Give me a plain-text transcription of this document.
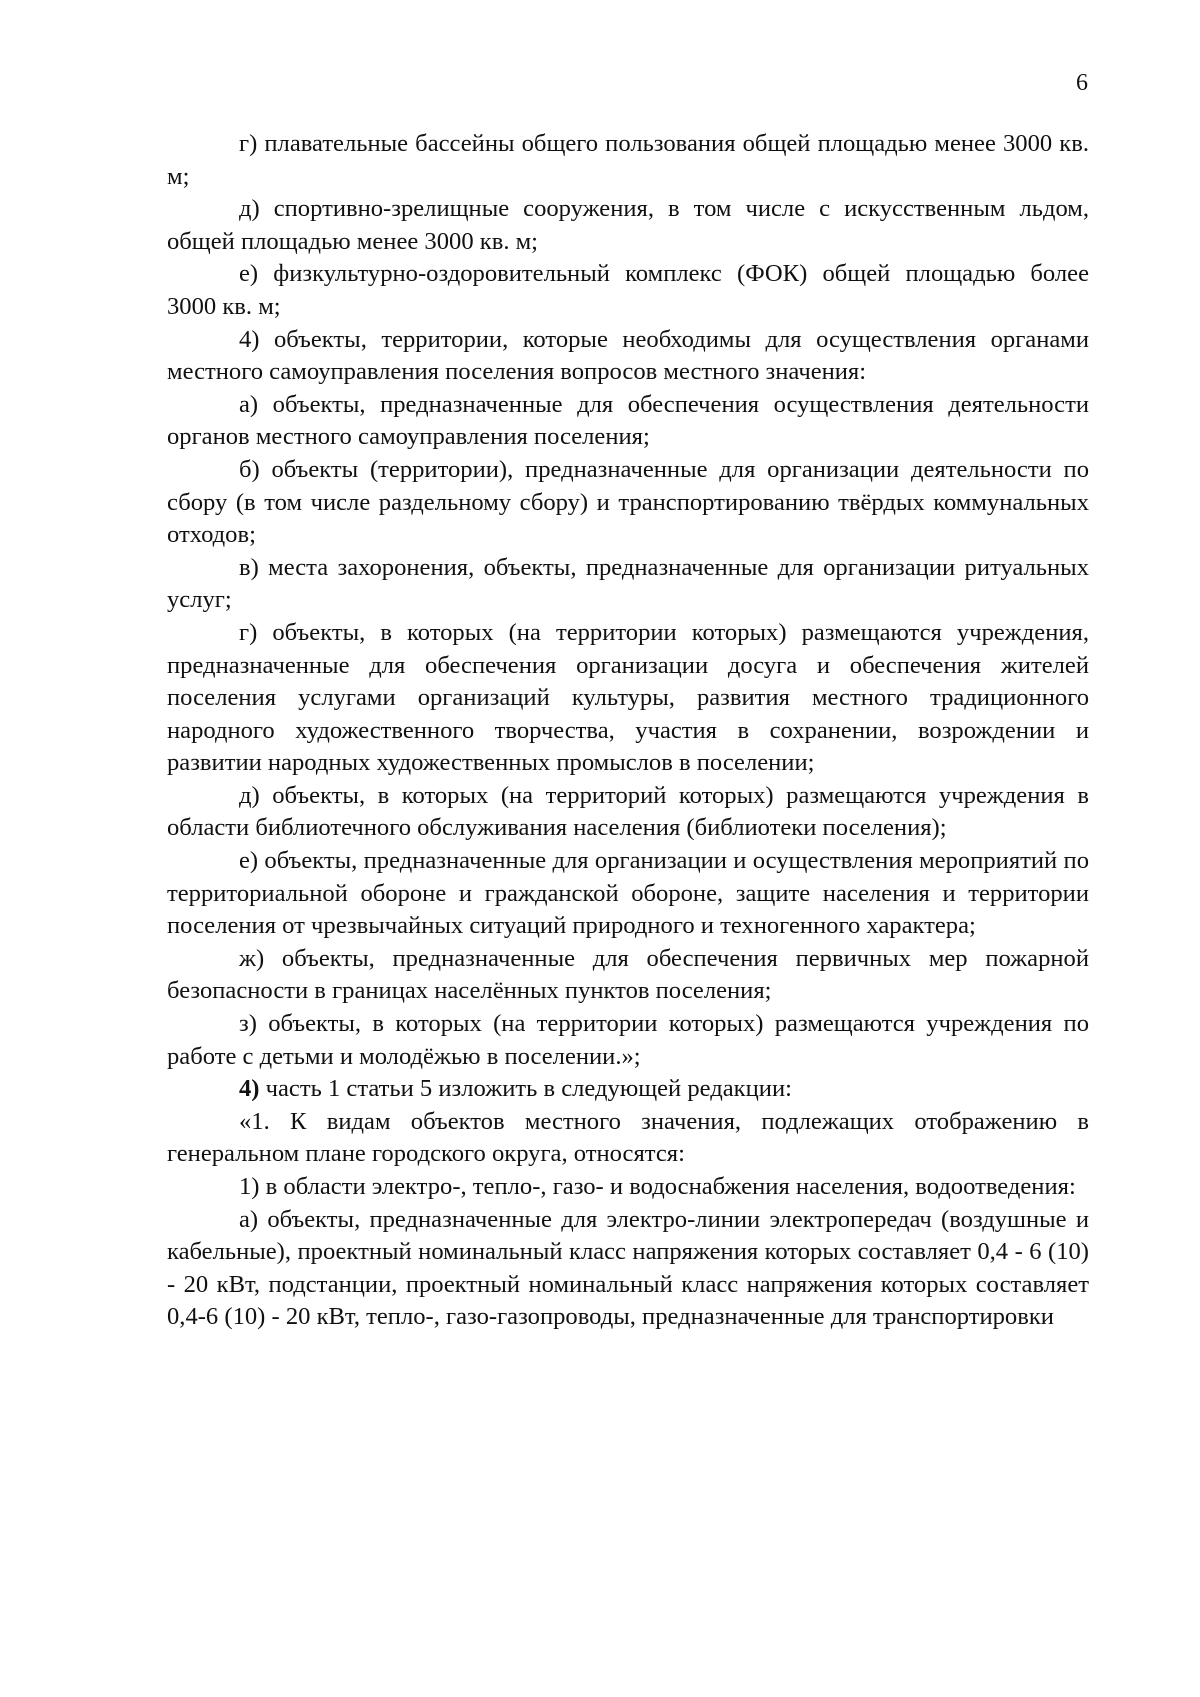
6

г) плавательные бассейны общего пользования общей площадью менее 3000 кв. м;

д) спортивно-зрелищные сооружения, в том числе с искусственным льдом, общей площадью менее 3000 кв. м;

е) физкультурно-оздоровительный комплекс (ФОК) общей площадью более 3000 кв. м;

4) объекты, территории, которые необходимы для осуществления органами местного самоуправления поселения вопросов местного значения:

а) объекты, предназначенные для обеспечения осуществления деятельности органов местного самоуправления поселения;

б) объекты (территории), предназначенные для организации деятельности по сбору (в том числе раздельному сбору) и транспортированию твёрдых коммунальных отходов;

в) места захоронения, объекты, предназначенные для организации ритуальных услуг;

г) объекты, в которых (на территории которых) размещаются учреждения, предназначенные для обеспечения организации досуга и обеспечения жителей поселения услугами организаций культуры, развития местного традиционного народного художественного творчества, участия в сохранении, возрождении и развитии народных художественных промыслов в поселении;

д) объекты, в которых (на территорий которых) размещаются учреждения в области библиотечного обслуживания населения (библиотеки поселения);

е) объекты, предназначенные для организации и осуществления мероприятий по территориальной обороне и гражданской обороне, защите населения и территории поселения от чрезвычайных ситуаций природного и техногенного характера;

ж) объекты, предназначенные для обеспечения первичных мер пожарной безопасности в границах населённых пунктов поселения;

з) объекты, в которых (на территории которых) размещаются учреждения по работе с детьми и молодёжью в поселении.»;

4) часть 1 статьи 5 изложить в следующей редакции:

«1. К видам объектов местного значения, подлежащих отображению в генеральном плане городского округа, относятся:

1) в области электро-, тепло-, газо- и водоснабжения населения, водоотведения:

а) объекты, предназначенные для электро-линии электропередач (воздушные и кабельные), проектный номинальный класс напряжения которых составляет 0,4 - 6 (10) - 20 кВт, подстанции, проектный номинальный класс напряжения которых составляет 0,4-6 (10) - 20 кВт, тепло-, газо-газопроводы, предназначенные для транспортировки
